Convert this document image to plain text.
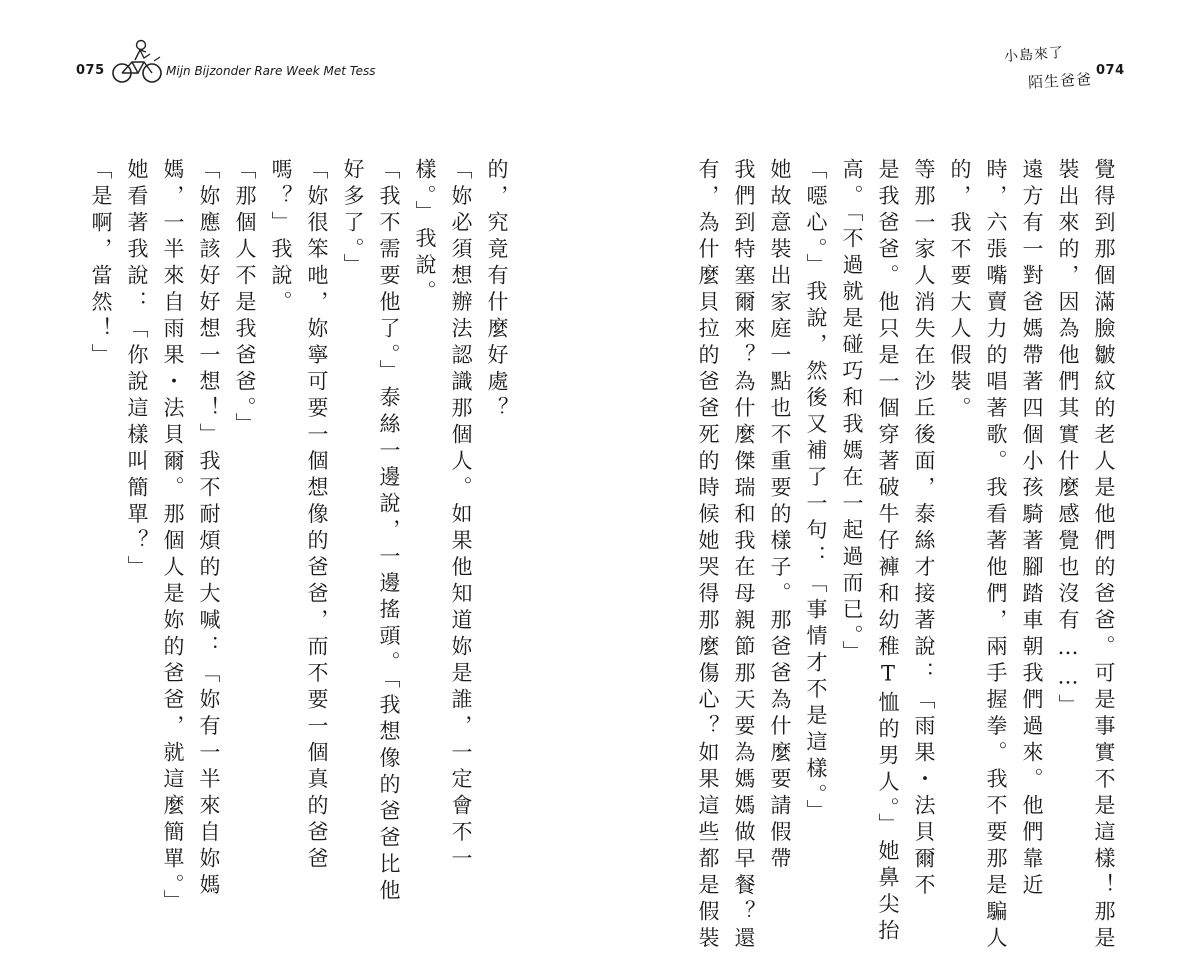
075	Mijn Bijzonder Rare Week Met Tess
小島來了
陌生爸爸 074
的，究竟有什麼好處？
「妳必須想辦法認識那個人。如果他知道妳是誰，一定會不一
樣。」我說。
「我不需要他了。」泰絲一邊說，一邊搖頭。「我想像的爸爸比他
好多了。」
「妳很笨吔，妳寧可要一個想像的爸爸，而不要一個真的爸爸
嗎？」我說。
「那個人不是我爸爸。」
「妳應該好好想一想！」我不耐煩的大喊：「妳有一半來自妳媽
媽，一半來自雨果・法貝爾。那個人是妳的爸爸，就這麼簡單。」
她看著我說：「你說這樣叫簡單？」
「是啊，當然！」	覺得到那個滿臉皺紋的老人是他們的爸爸。可是事實不是這樣！那是
裝出來的，因為他們其實什麼感覺也沒有……」
遠方有一對爸媽帶著四個小孩騎著腳踏車朝我們過來。他們靠近
時，六張嘴賣力的唱著歌。我看著他們，兩手握拳。我不要那是騙人
的，我不要大人假裝。
等那一家人消失在沙丘後面，泰絲才接著說：「雨果・法貝爾不
是我爸爸。他只是一個穿著破牛仔褲和幼稚T恤的男人。」她鼻尖抬
高。「不過就是碰巧和我媽在一起過而已。」
「噁心。」我說，然後又補了一句：「事情才不是這樣。」
她故意裝出家庭一點也不重要的樣子。那爸爸為什麼要請假帶
我們到特塞爾來？為什麼傑瑞和我在母親節那天要為媽媽做早餐？還
有，為什麼貝拉的爸爸死的時候她哭得那麼傷心？如果這些都是假裝
